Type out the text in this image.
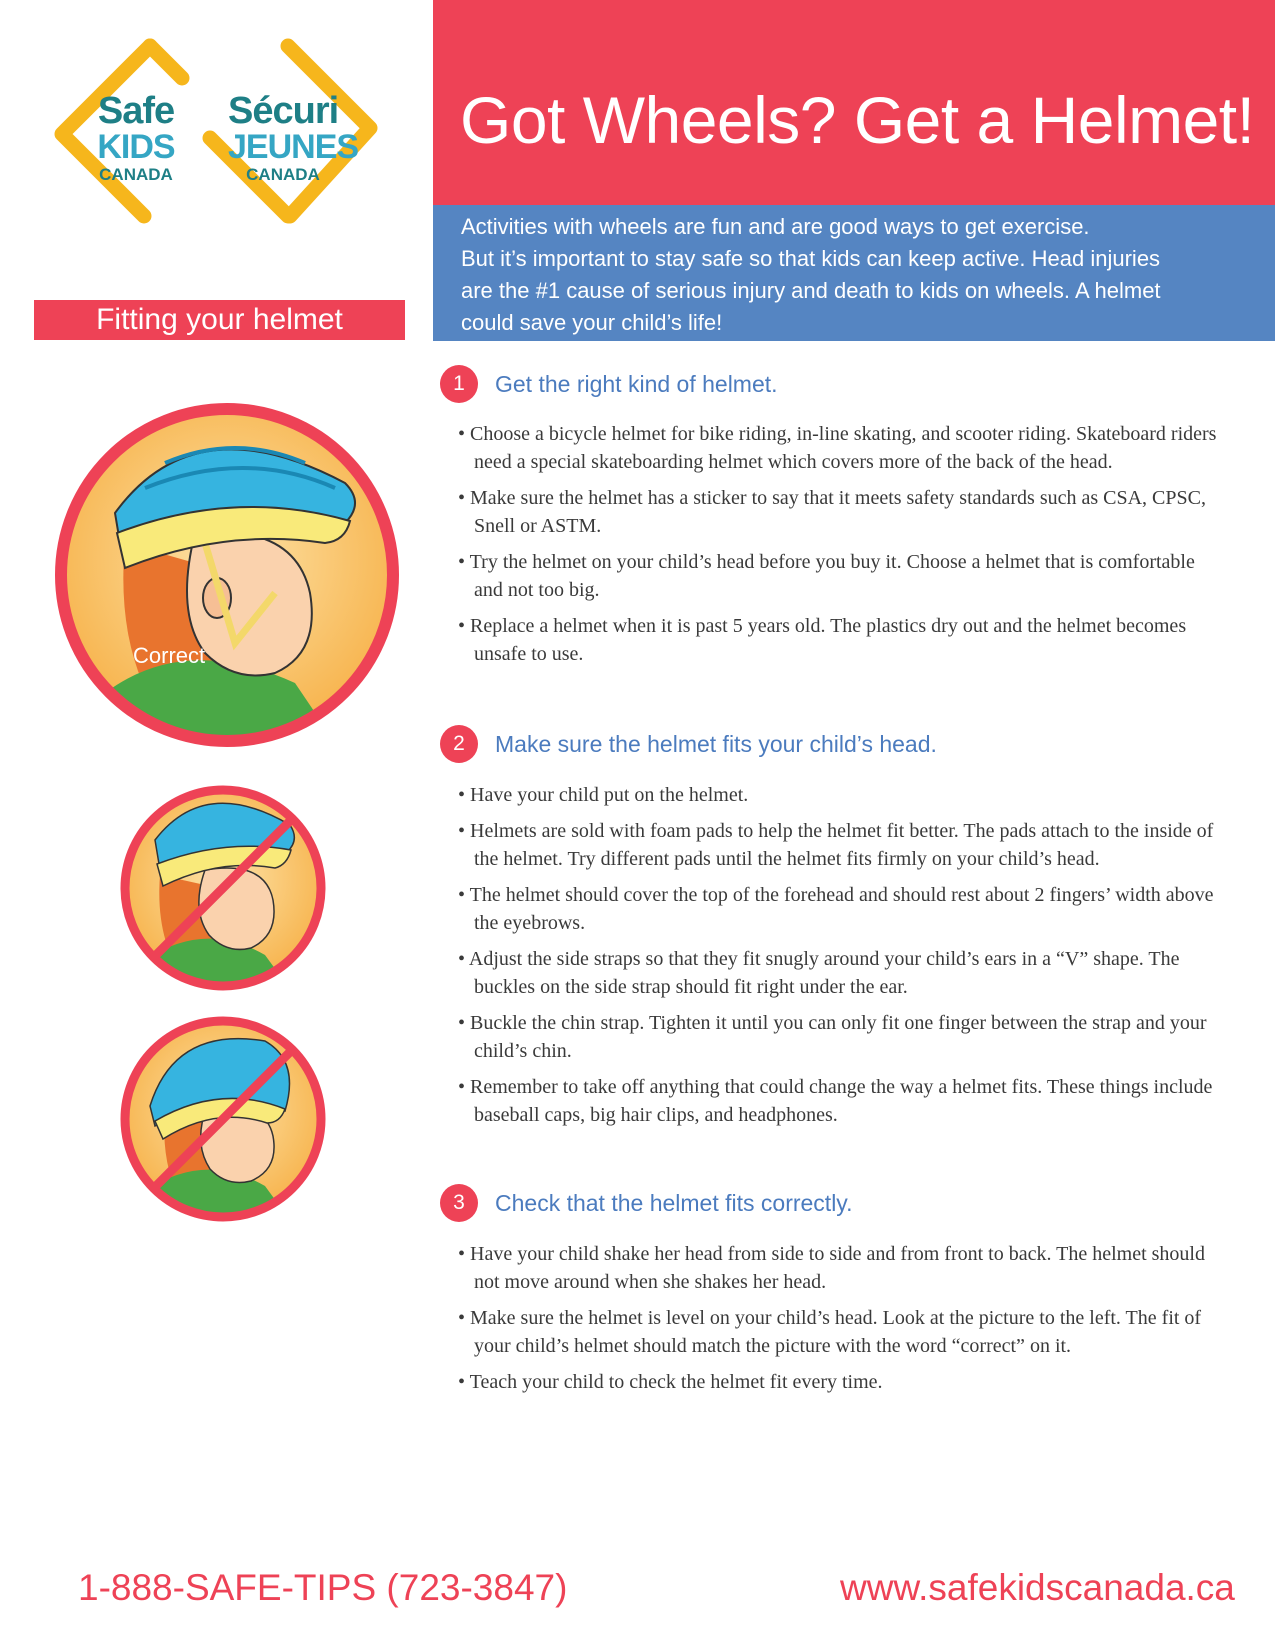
Safe
KIDS
CANADA
Sécuri
JEUNES
CANADA
Got Wheels? Get a Helmet!
Activities with wheels are fun and are good ways to get exercise.
But it’s important to stay safe so that kids can keep active. Head injuries
are the #1 cause of serious injury and death to kids on wheels. A helmet
could save your child’s life!
Fitting your helmet
Correct
1	Get the right kind of helmet.
• Choose a bicycle helmet for bike riding, in-line skating, and scooter riding. Skateboard riders need a special skateboarding helmet which covers more of the back of the head.
• Make sure the helmet has a sticker to say that it meets safety standards such as CSA, CPSC, Snell or ASTM.
• Try the helmet on your child’s head before you buy it. Choose a helmet that is comfortable and not too big.
• Replace a helmet when it is past 5 years old. The plastics dry out and the helmet becomes unsafe to use.
2	Make sure the helmet fits your child’s head.
• Have your child put on the helmet.
• Helmets are sold with foam pads to help the helmet fit better. The pads attach to the inside of the helmet. Try different pads until the helmet fits firmly on your child’s head.
• The helmet should cover the top of the forehead and should rest about 2 fingers’ width above the eyebrows.
• Adjust the side straps so that they fit snugly around your child’s ears in a “V” shape. The buckles on the side strap should fit right under the ear.
• Buckle the chin strap. Tighten it until you can only fit one finger between the strap and your child’s chin.
• Remember to take off anything that could change the way a helmet fits. These things include baseball caps, big hair clips, and headphones.
3	Check that the helmet fits correctly.
• Have your child shake her head from side to side and from front to back. The helmet should not move around when she shakes her head.
• Make sure the helmet is level on your child’s head. Look at the picture to the left. The fit of your child’s helmet should match the picture with the word “correct” on it.
• Teach your child to check the helmet fit every time.
1-888-SAFE-TIPS (723-3847)	www.safekidscanada.ca
